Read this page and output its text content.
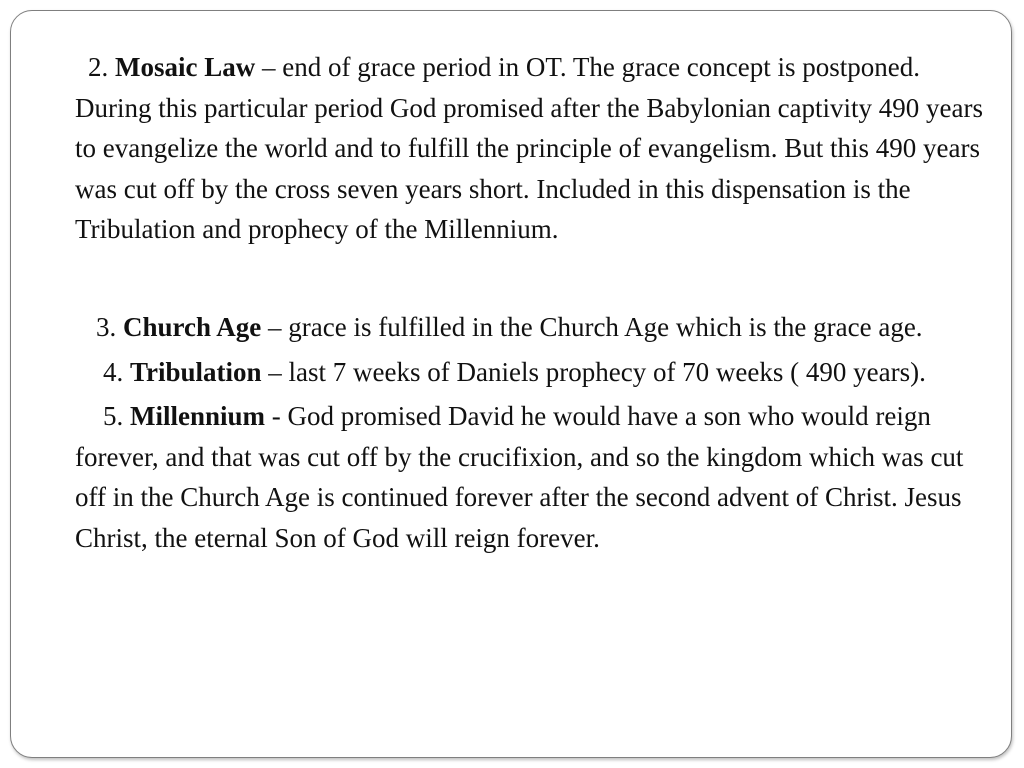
2. Mosaic Law – end of grace period in OT. The grace concept is postponed. During this particular period God promised after the Babylonian captivity 490 years to evangelize the world and to fulfill the principle of evangelism. But this 490 years was cut off by the cross seven years short. Included in this dispensation is the Tribulation and prophecy of the Millennium.

3. Church Age – grace is fulfilled in the Church Age which is the grace age.

4. Tribulation – last 7 weeks of Daniels prophecy of 70 weeks ( 490 years).

5. Millennium - God promised David he would have a son who would reign forever, and that was cut off by the crucifixion, and so the kingdom which was cut off in the Church Age is continued forever after the second advent of Christ. Jesus Christ, the eternal Son of God will reign forever.
